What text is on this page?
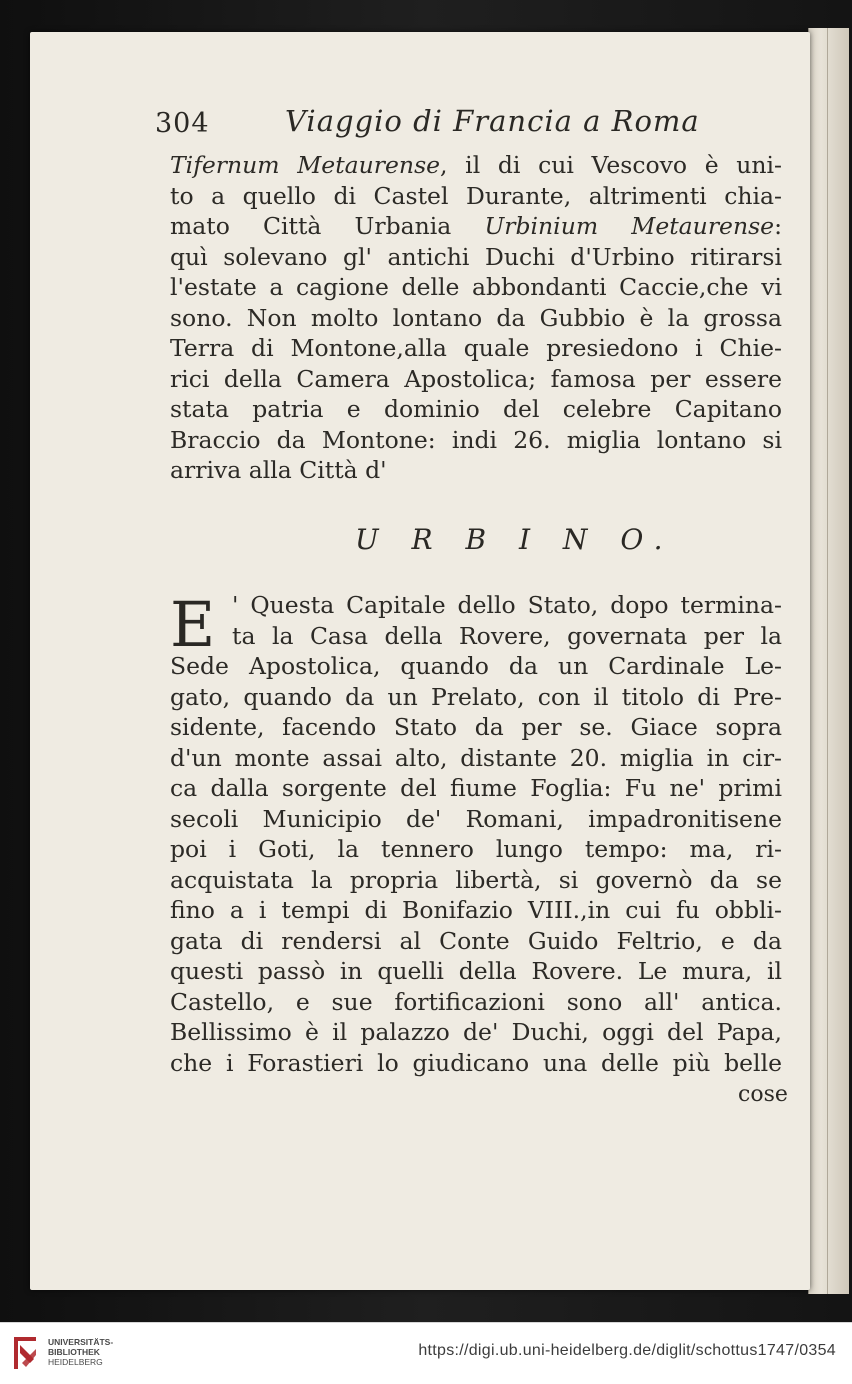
304	Viaggio di Francia a Roma
Tifernum Metaurense, il di cui Vescovo è uni-
to a quello di Castel Durante, altrimenti chia-
mato Città Urbania Urbinium Metaurense:
quì solevano gl' antichi Duchi d'Urbino ritirarsi
l'estate a cagione delle abbondanti Caccie,che vi
sono. Non molto lontano da Gubbio è la grossa
Terra di Montone,alla quale presiedono i Chie-
rici della Camera Apostolica; famosa per essere
stata patria e dominio del celebre Capitano
Braccio da Montone: indi 26. miglia lontano si
arriva alla Città d'
U R B I N O.
E ' Questa Capitale dello Stato, dopo termina-
ta la Casa della Rovere, governata per la
Sede Apostolica, quando da un Cardinale Le-
gato, quando da un Prelato, con il titolo di Pre-
sidente, facendo Stato da per se. Giace sopra
d'un monte assai alto, distante 20. miglia in cir-
ca dalla sorgente del fiume Foglia: Fu ne' primi
secoli Municipio de' Romani, impadronitisene
poi i Goti, la tennero lungo tempo: ma, ri-
acquistata la propria libertà, si governò da se
fino a i tempi di Bonifazio VIII.,in cui fu obbli-
gata di rendersi al Conte Guido Feltrio, e da
questi passò in quelli della Rovere. Le mura, il
Castello, e sue fortificazioni sono all' antica.
Bellissimo è il palazzo de' Duchi, oggi del Papa,
che i Forastieri lo giudicano una delle più belle
cose
UNIVERSITÄTS-
BIBLIOTHEK
HEIDELBERG
https://digi.ub.uni-heidelberg.de/diglit/schottus1747/0354
